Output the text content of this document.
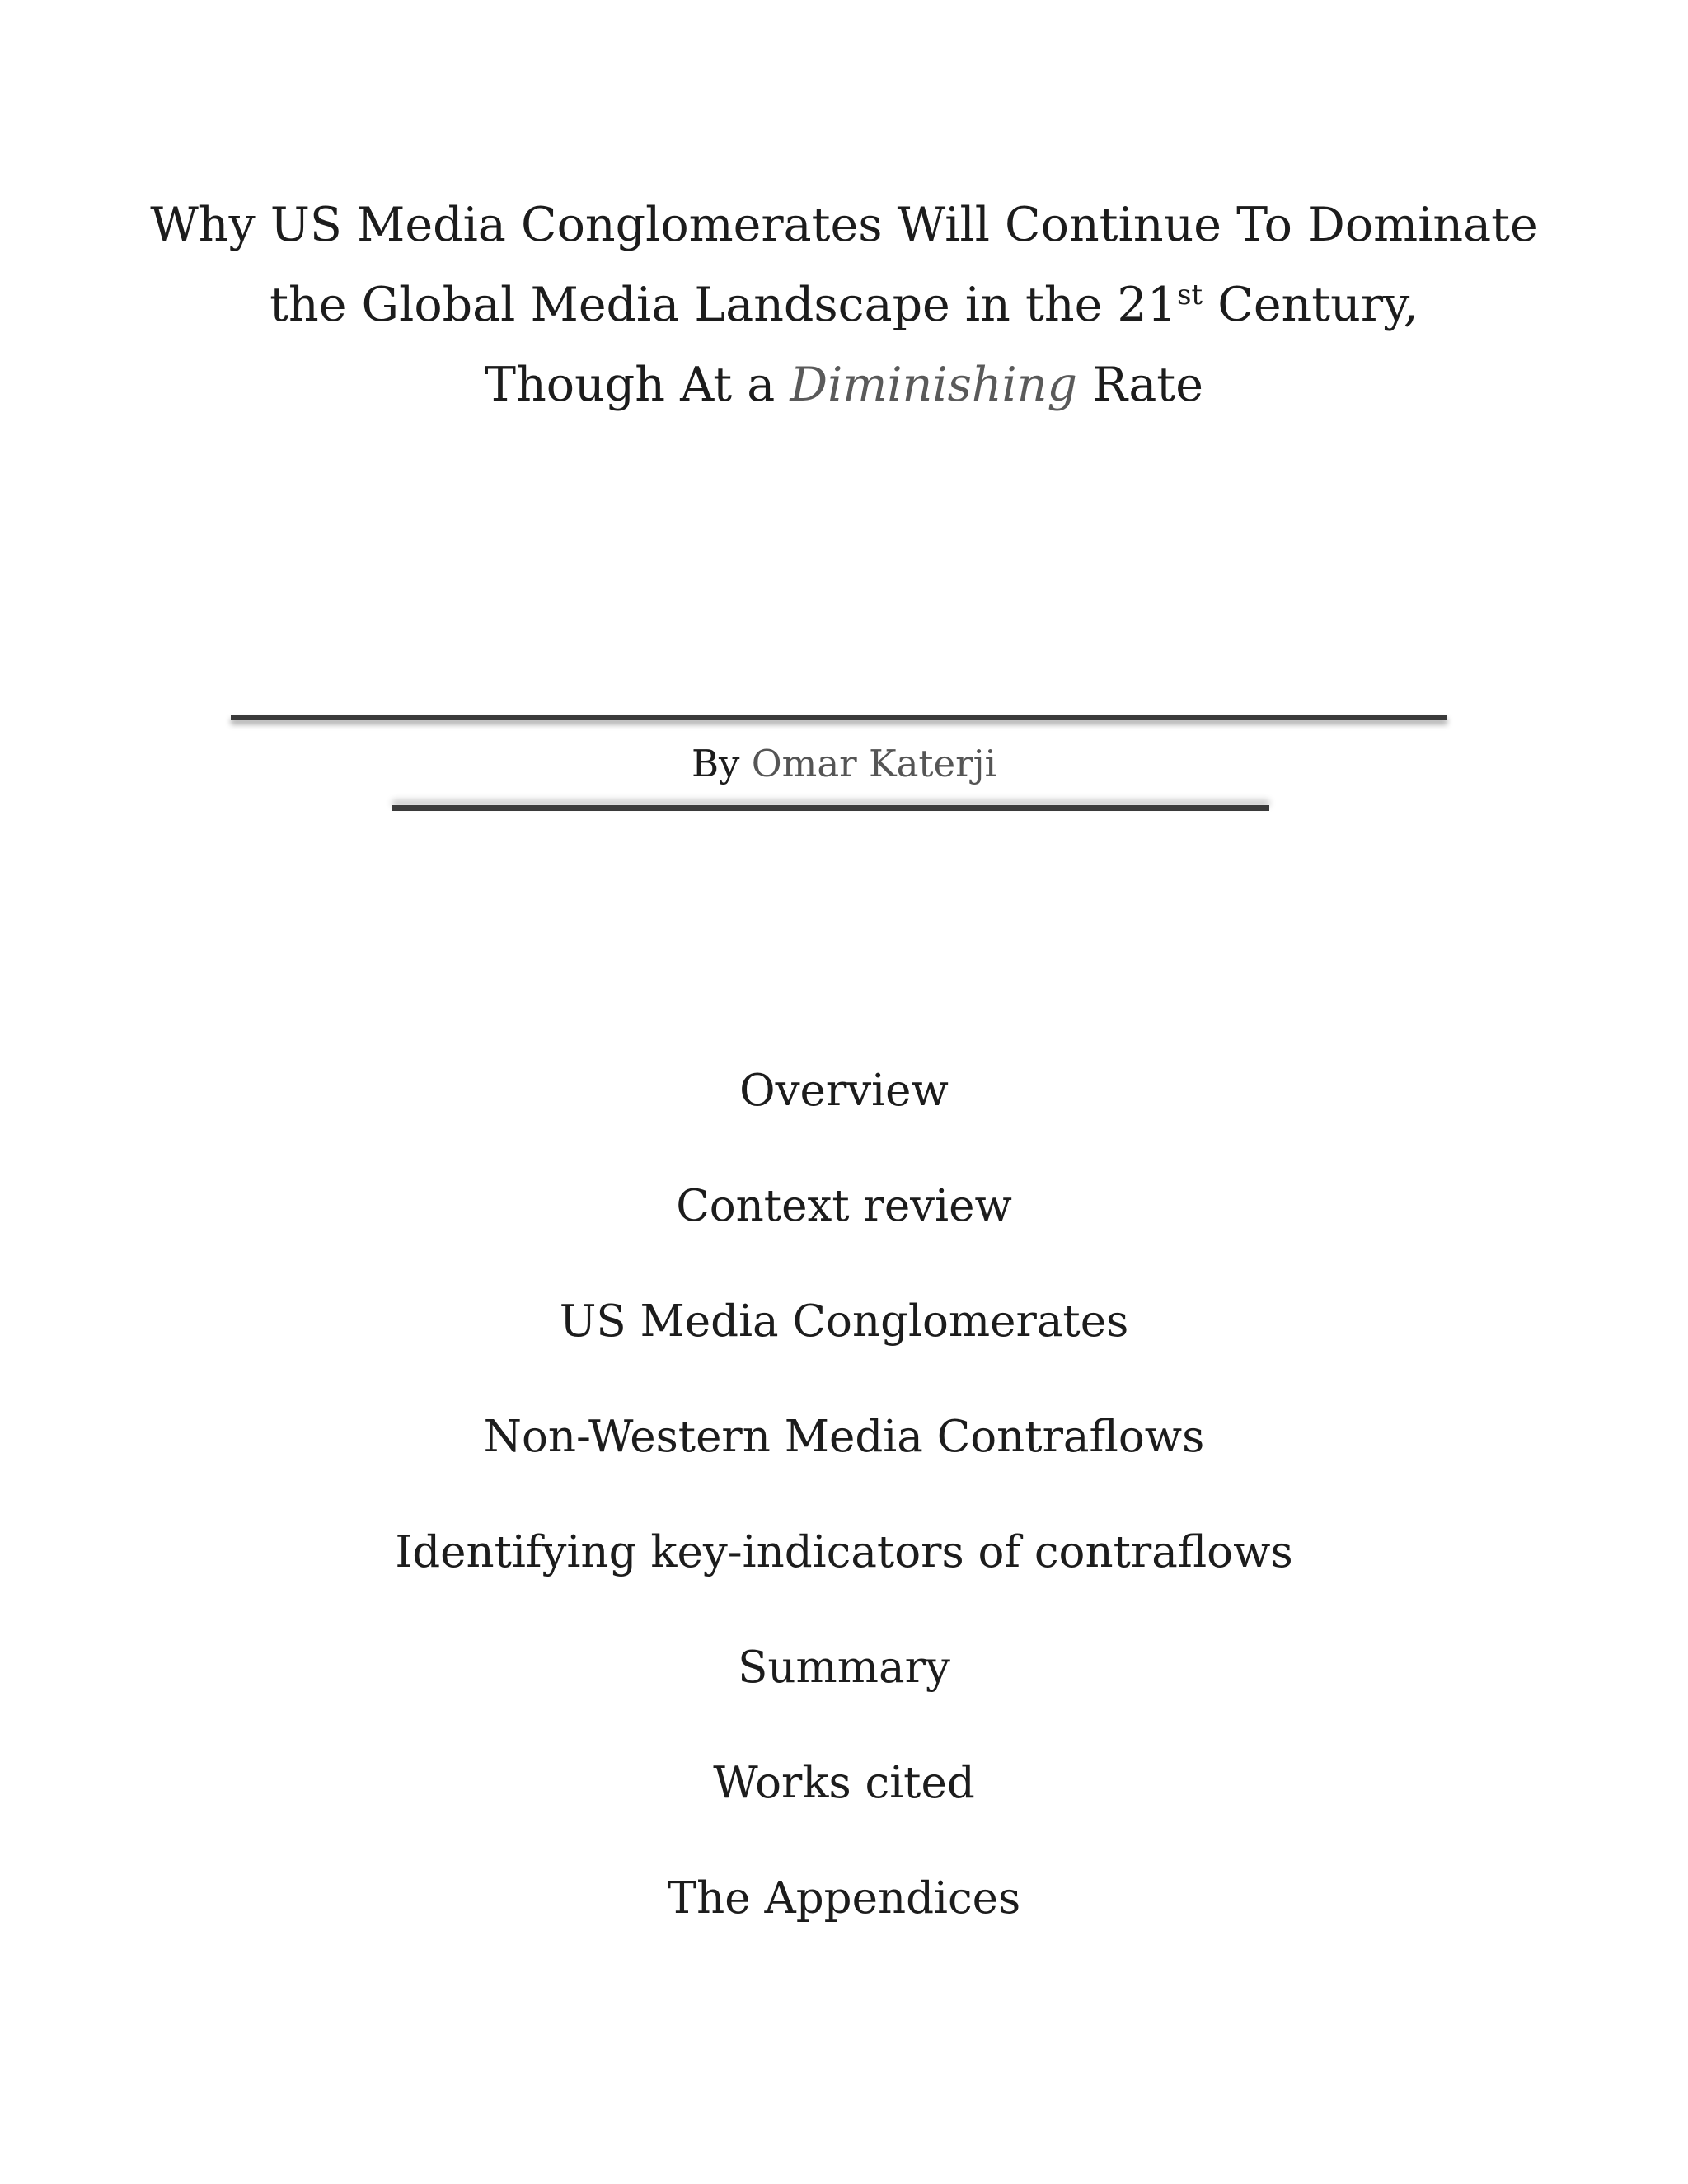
Why US Media Conglomerates Will Continue To Dominate
the Global Media Landscape in the 21st Century,
Though At a Diminishing Rate
By Omar Katerji
Overview
Context review
US Media Conglomerates
Non-Western Media Contraflows
Identifying key-indicators of contraflows
Summary
Works cited
The Appendices
